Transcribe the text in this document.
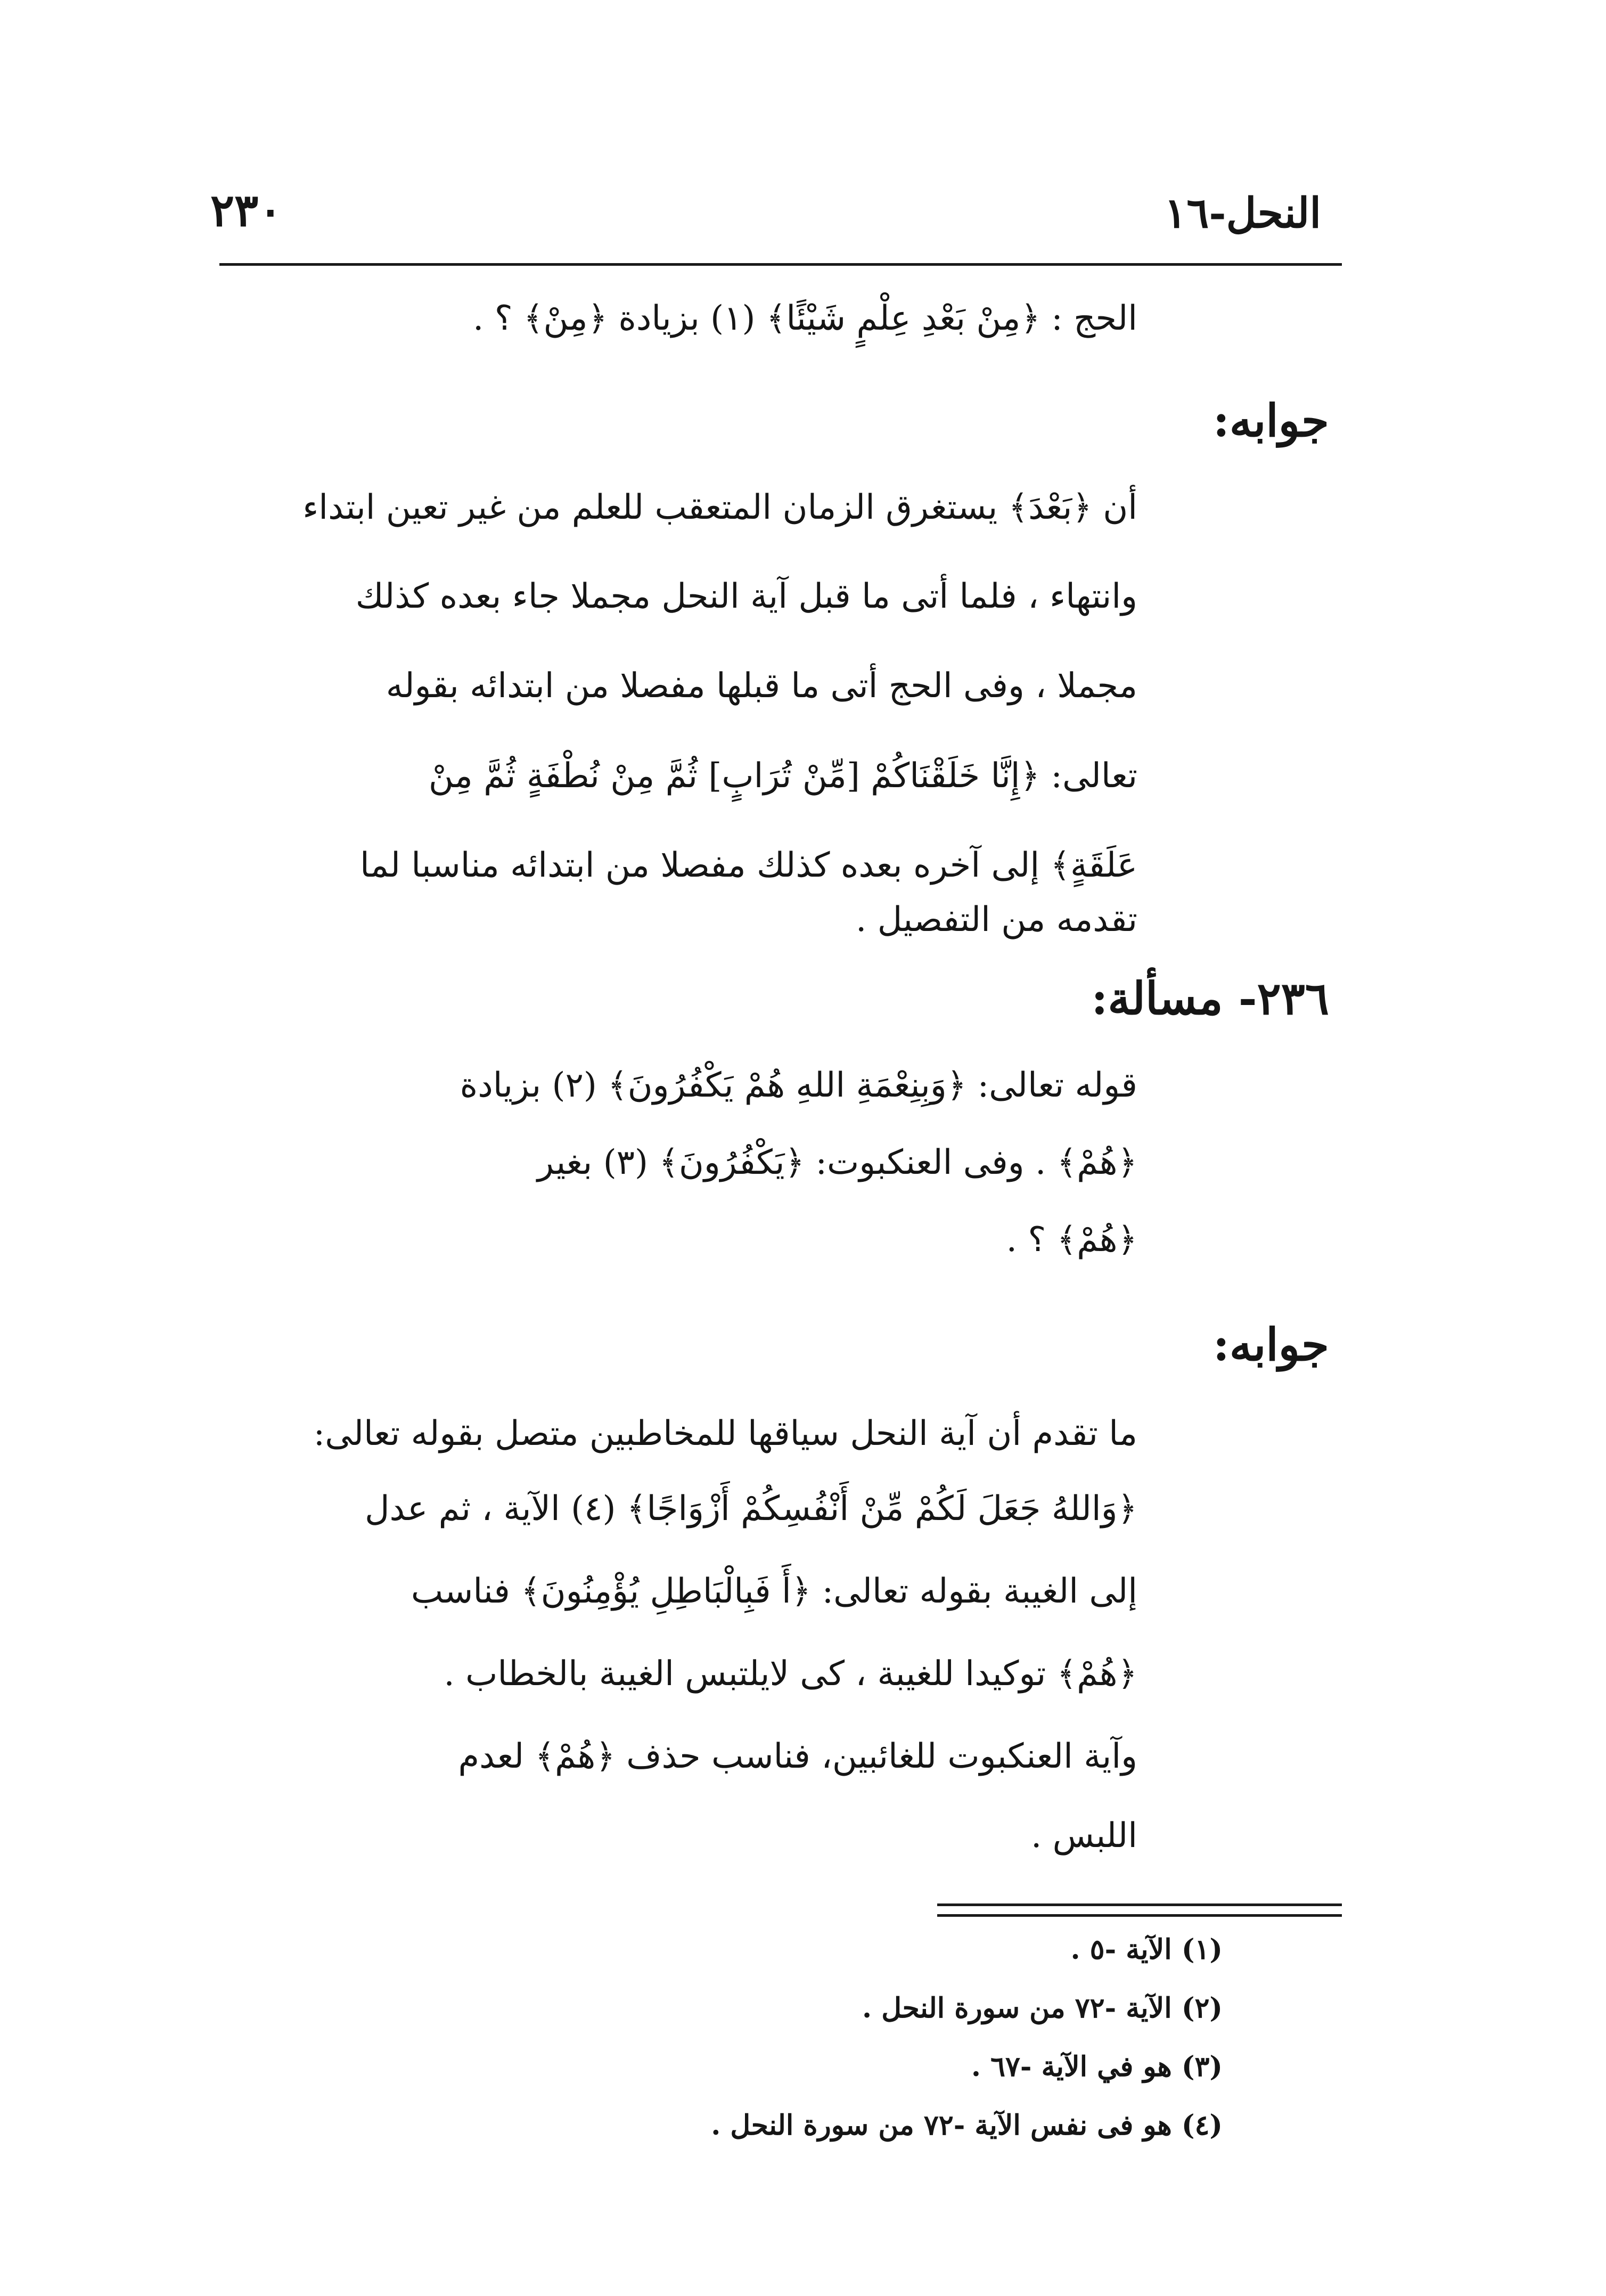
النحل-١٦
٢٣٠
الحج : ﴿مِنْ بَعْدِ عِلْمٍ شَيْئًا﴾ (١) بزيادة ﴿مِنْ﴾ ؟ .
جوابه:
أن ﴿بَعْدَ﴾ يستغرق الزمان المتعقب للعلم من غير تعين ابتداء
وانتهاء ، فلما أتى ما قبل آية النحل مجملا جاء بعده كذلك
مجملا ، وفى الحج أتى ما قبلها مفصلا من ابتدائه بقوله
تعالى: ﴿إِنَّا خَلَقْنَاكُمْ [مِّنْ تُرَابٍ] ثُمَّ مِنْ نُطْفَةٍ ثُمَّ مِنْ
عَلَقَةٍ﴾ إلى آخره بعده كذلك مفصلا من ابتدائه مناسبا لما
تقدمه من التفصيل .
٢٣٦- مسألة:
قوله تعالى: ﴿وَبِنِعْمَةِ اللهِ هُمْ يَكْفُرُونَ﴾ (٢) بزيادة
﴿هُمْ﴾ . وفى العنكبوت: ﴿يَكْفُرُونَ﴾ (٣) بغير
﴿هُمْ﴾ ؟ .
جوابه:
ما تقدم أن آية النحل سياقها للمخاطبين متصل بقوله تعالى:
﴿وَاللهُ جَعَلَ لَكُمْ مِّنْ أَنْفُسِكُمْ أَزْوَاجًا﴾ (٤) الآية ، ثم عدل
إلى الغيبة بقوله تعالى: ﴿أَ فَبِالْبَاطِلِ يُؤْمِنُونَ﴾ فناسب
﴿هُمْ﴾ توكيدا للغيبة ، كى لايلتبس الغيبة بالخطاب .
وآية العنكبوت للغائبين، فناسب حذف ﴿هُمْ﴾ لعدم
اللبس .
(١) الآية -٥ .
(٢) الآية -٧٢ من سورة النحل .
(٣) هو في الآية -٦٧ .
(٤) هو فى نفس الآية -٧٢ من سورة النحل .
